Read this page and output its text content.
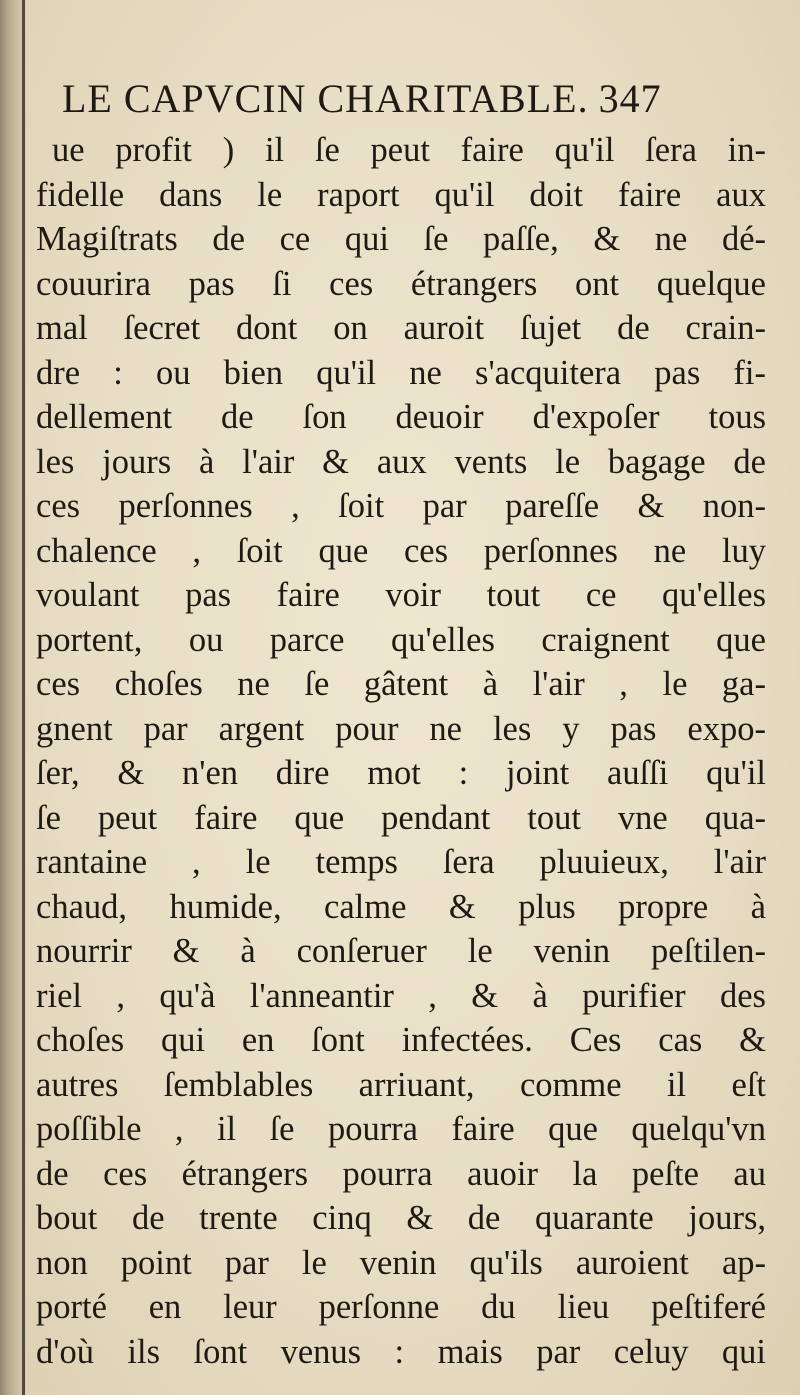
LE CAPVCIN CHARITABLE. 347
ue profit ) il ſe peut faire qu'il ſera in-
fidelle dans le raport qu'il doit faire aux
Magiſtrats de ce qui ſe paſſe, & ne dé-
couurira pas ſi ces étrangers ont quelque
mal ſecret dont on auroit ſujet de crain-
dre : ou bien qu'il ne s'acquitera pas fi-
dellement de ſon deuoir d'expoſer tous
les jours à l'air & aux vents le bagage de
ces perſonnes , ſoit par pareſſe & non-
chalence , ſoit que ces perſonnes ne luy
voulant pas faire voir tout ce qu'elles
portent, ou parce qu'elles craignent que
ces choſes ne ſe gâtent à l'air , le ga-
gnent par argent pour ne les y pas expo-
ſer, & n'en dire mot : joint auſſi qu'il
ſe peut faire que pendant tout vne qua-
rantaine , le temps ſera pluuieux, l'air
chaud, humide, calme & plus propre à
nourrir & à conſeruer le venin peſtilen-
riel , qu'à l'anneantir , & à purifier des
choſes qui en ſont infectées. Ces cas &
autres ſemblables arriuant, comme il eſt
poſſible , il ſe pourra faire que quelqu'vn
de ces étrangers pourra auoir la peſte au
bout de trente cinq & de quarante jours,
non point par le venin qu'ils auroient ap-
porté en leur perſonne du lieu peſtiferé
d'où ils ſont venus : mais par celuy qui
